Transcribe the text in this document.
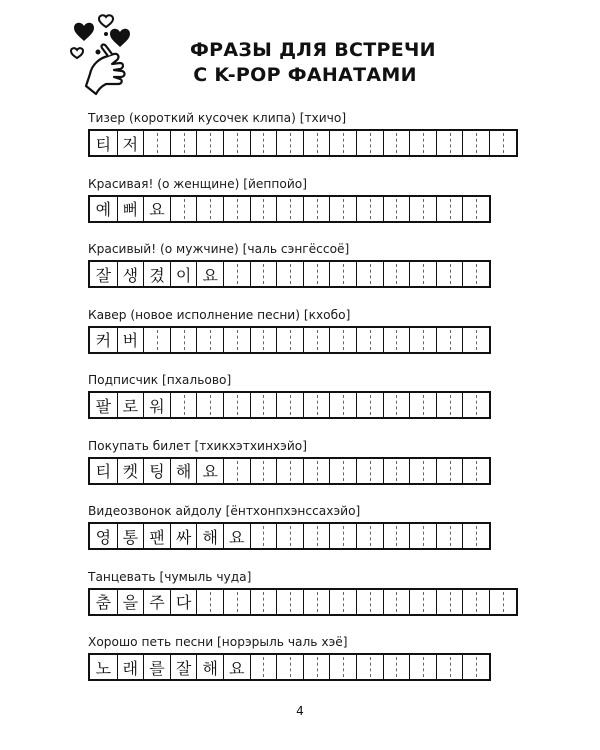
ФРАЗЫ ДЛЯ ВСТРЕЧИ
С K-POP ФАНАТАМИ
Тизер (короткий кусочек клипа) [тхичо]
티 저
Красивая! (о женщине) [йеппойо]
예 뻐 요
Красивый! (о мужчине) [чаль сэнгёссоё]
잘 생 겼 이 요
Кавер (новое исполнение песни) [кхобо]
커 버
Подписчик [пхальово]
팔 로 워
Покупать билет [тхикхэтхинхэйо]
티 켓 팅 해 요
Видеозвонок айдолу [ёнтхонпхэнссахэйо]
영 통 팬 싸 해 요
Танцевать [чумыль чуда]
춤 을 주 다
Хорошо петь песни [норэрыль чаль хэё]
노 래 를 잘 해 요
4
